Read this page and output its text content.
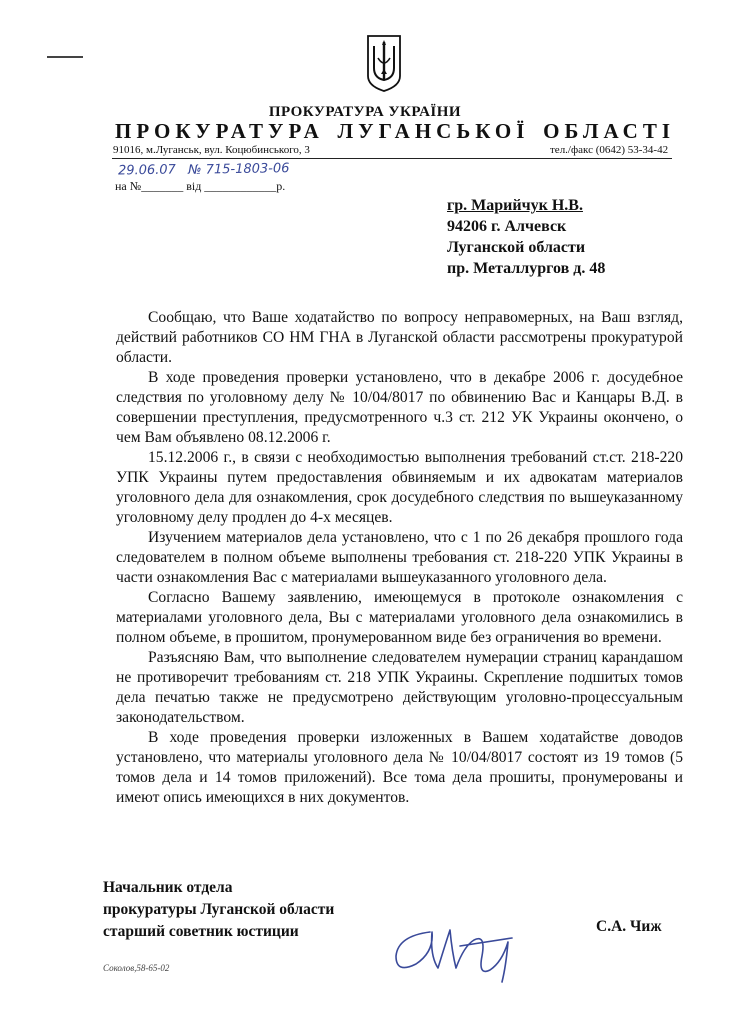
ПРОКУРАТУРА УКРАЇНИ
ПРОКУРАТУРА ЛУГАНСЬКОЇ ОБЛАСТІ
91016, м.Луганськ, вул. Коцюбинського, 3	тел./факс (0642) 53-34-42
29.06.07 № 715-1803-06
на №_______ від ____________р.
гр. Марийчук Н.В.
94206 г. Алчевск
Луганской области
пр. Металлургов д. 48

Сообщаю, что Ваше ходатайство по вопросу неправомерных, на Ваш взгляд, действий работников СО НМ ГНА в Луганской области рассмотрены прокуратурой области.

В ходе проведения проверки установлено, что в декабре 2006 г. досудебное следствия по уголовному делу № 10/04/8017 по обвинению Вас и Канцары В.Д. в совершении преступления, предусмотренного ч.3 ст. 212 УК Украины окончено, о чем Вам объявлено 08.12.2006 г.

15.12.2006 г., в связи с необходимостью выполнения требований ст.ст. 218-220 УПК Украины путем предоставления обвиняемым и их адвокатам материалов уголовного дела для ознакомления, срок досудебного следствия по вышеуказанному уголовному делу продлен до 4-х месяцев.

Изучением материалов дела установлено, что с 1 по 26 декабря прошлого года следователем в полном объеме выполнены требования ст. 218-220 УПК Украины в части ознакомления Вас с материалами вышеуказанного уголовного дела.

Согласно Вашему заявлению, имеющемуся в протоколе ознакомления с материалами уголовного дела, Вы с материалами уголовного дела ознакомились в полном объеме, в прошитом, пронумерованном виде без ограничения во времени.

Разъясняю Вам, что выполнение следователем нумерации страниц карандашом не противоречит требованиям ст. 218 УПК Украины. Скрепление подшитых томов дела печатью также не предусмотрено действующим уголовно-процессуальным законодательством.

В ходе проведения проверки изложенных в Вашем ходатайстве доводов установлено, что материалы уголовного дела № 10/04/8017 состоят из 19 томов (5 томов дела и 14 томов приложений). Все тома дела прошиты, пронумерованы и имеют опись имеющихся в них документов.

Начальник отдела
прокуратуры Луганской области
старший советник юстиции	С.А. Чиж
Соколов,58-65-02
